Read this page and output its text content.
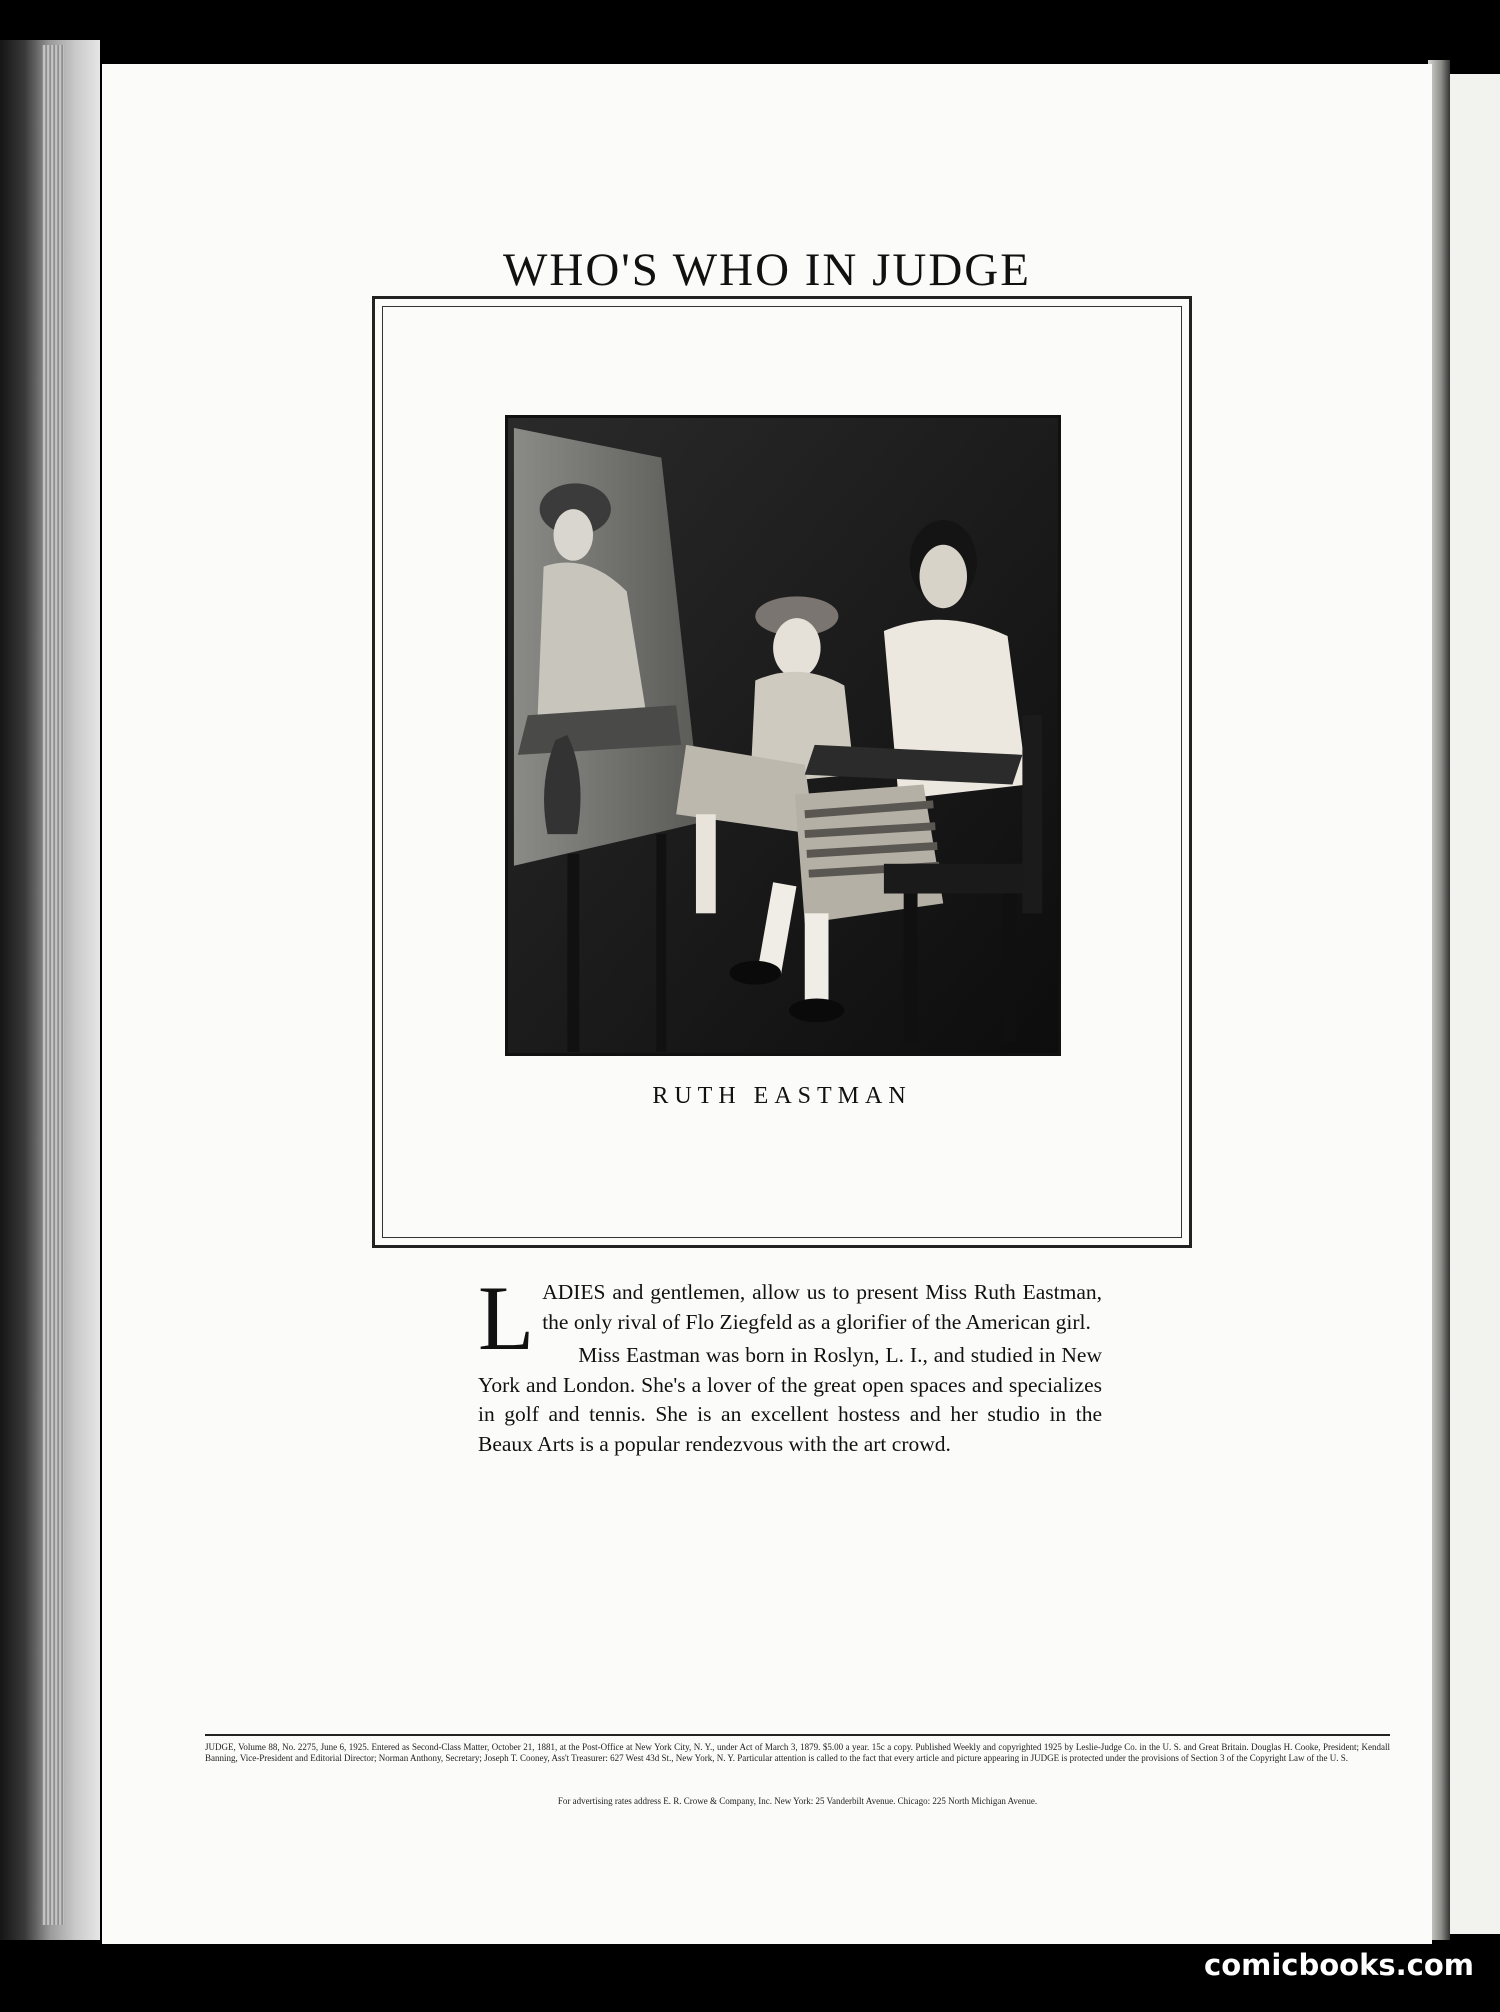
WHO'S WHO IN JUDGE
RUTH EASTMAN

LADIES and gentlemen, allow us to present Miss Ruth Eastman, the only rival of Flo Ziegfeld as a glorifier of the American girl.

Miss Eastman was born in Roslyn, L. I., and studied in New York and London. She's a lover of the great open spaces and specializes in golf and tennis. She is an excellent hostess and her studio in the Beaux Arts is a popular rendezvous with the art crowd.

JUDGE, Volume 88, No. 2275, June 6, 1925. Entered as Second-Class Matter, October 21, 1881, at the Post-Office at New York City, N. Y., under Act of March 3, 1879. $5.00 a year. 15c a copy. Published Weekly and copyrighted 1925 by Leslie-Judge Co. in the U. S. and Great Britain. Douglas H. Cooke, President; Kendall Banning, Vice-President and Editorial Director; Norman Anthony, Secretary; Joseph T. Cooney, Ass't Treasurer: 627 West 43d St., New York, N. Y. Particular attention is called to the fact that every article and picture appearing in JUDGE is protected under the provisions of Section 3 of the Copyright Law of the U. S.
For advertising rates address E. R. Crowe & Company, Inc. New York: 25 Vanderbilt Avenue. Chicago: 225 North Michigan Avenue.
comicbooks.com
